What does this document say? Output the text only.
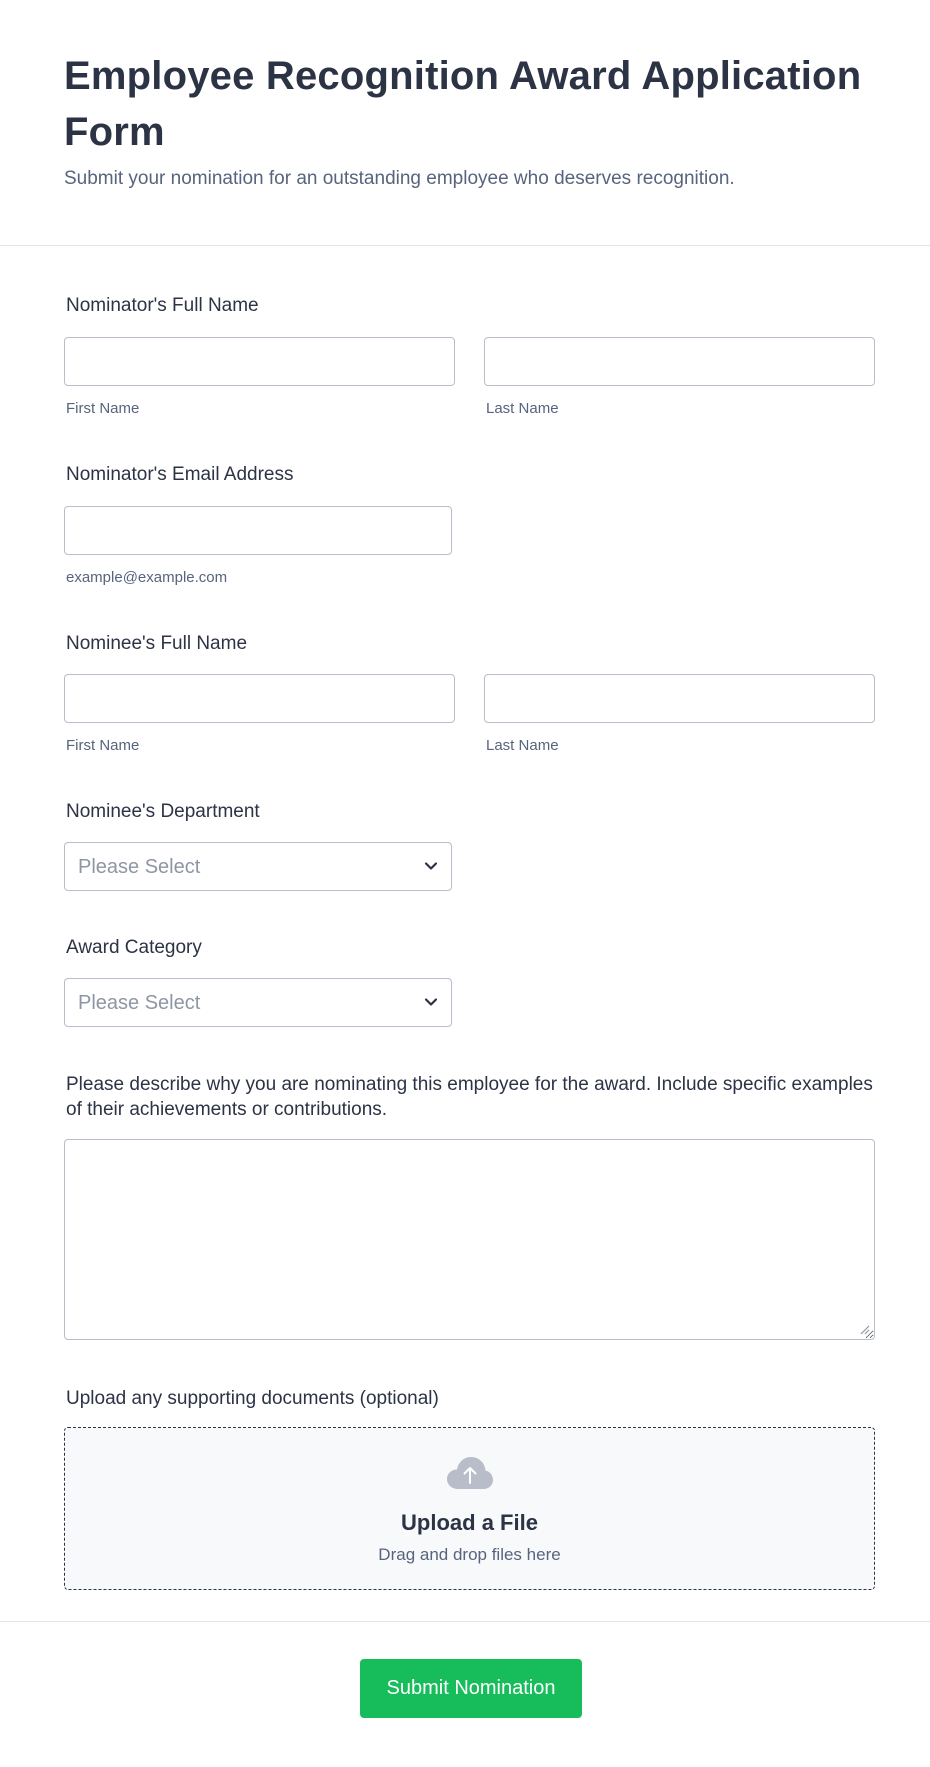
Employee Recognition Award Application Form

Submit your nomination for an outstanding employee who deserves recognition.

Nominator's Full Name
First Name	Last Name
Nominator's Email Address
example@example.com
Nominee's Full Name
First Name	Last Name
Nominee's Department
Please Select
Award Category
Please Select
Please describe why you are nominating this employee for the award. Include specific examples of their achievements or contributions.
Upload any supporting documents (optional)
Upload a File
Drag and drop files here
Submit Nomination
